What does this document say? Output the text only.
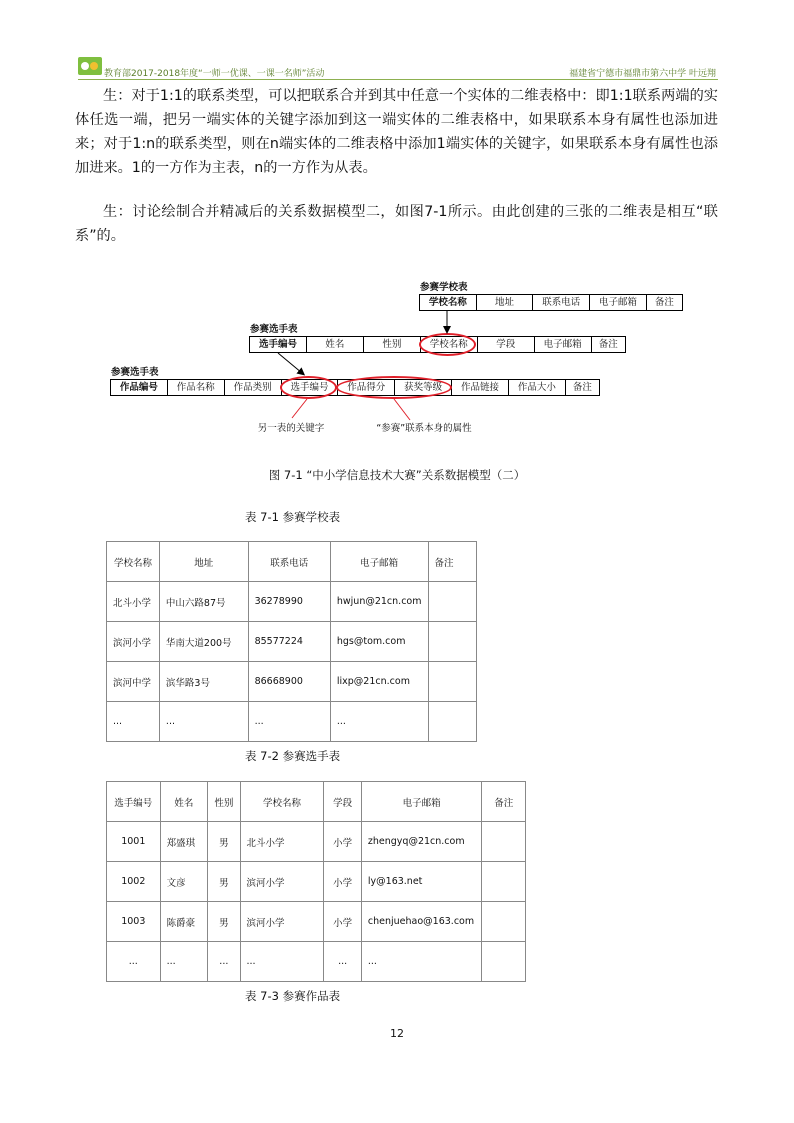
教育部2017-2018年度“一师一优课、一课一名师”活动	福建省宁德市福鼎市第六中学 叶远翔
生：对于1:1的联系类型，可以把联系合并到其中任意一个实体的二维表格中：即1:1联系两端的实体任选一端，把另一端实体的关键字添加到这一端实体的二维表格中，如果联系本身有属性也添加进来；对于1:n的联系类型，则在n端实体的二维表格中添加1端实体的关键字，如果联系本身有属性也添加进来。1的一方作为主表，n的一方作为从表。
生：讨论绘制合并精减后的关系数据模型二，如图7-1所示。由此创建的三张的二维表是相互“联系”的。
参赛学校表
学校名称	地址	联系电话	电子邮箱	备注
参赛选手表
选手编号	姓名	性别	学校名称	学段	电子邮箱	备注
参赛选手表
作品编号	作品名称	作品类别	选手编号	作品得分	获奖等级	作品链接	作品大小	备注
另一表的关键字	“参赛”联系本身的属性
图 7-1 “中小学信息技术大赛”关系数据模型（二）
表 7-1 参赛学校表
学校名称	地址	联系电话	电子邮箱	备注
北斗小学	中山六路87号	36278990	hwjun@21cn.com	
滨河小学	华南大道200号	85577224	hgs@tom.com	
滨河中学	滨华路3号	86668900	lixp@21cn.com	
...	...	...	...	
表 7-2 参赛选手表
选手编号	姓名	性别	学校名称	学段	电子邮箱	备注
1001	郑盛琪	男	北斗小学	小学	zhengyq@21cn.com	
1002	文彦	男	滨河小学	小学	ly@163.net	
1003	陈爵豪	男	滨河小学	小学	chenjuehao@163.com	
...	...	...	...	...	...	
表 7-3 参赛作品表
12
